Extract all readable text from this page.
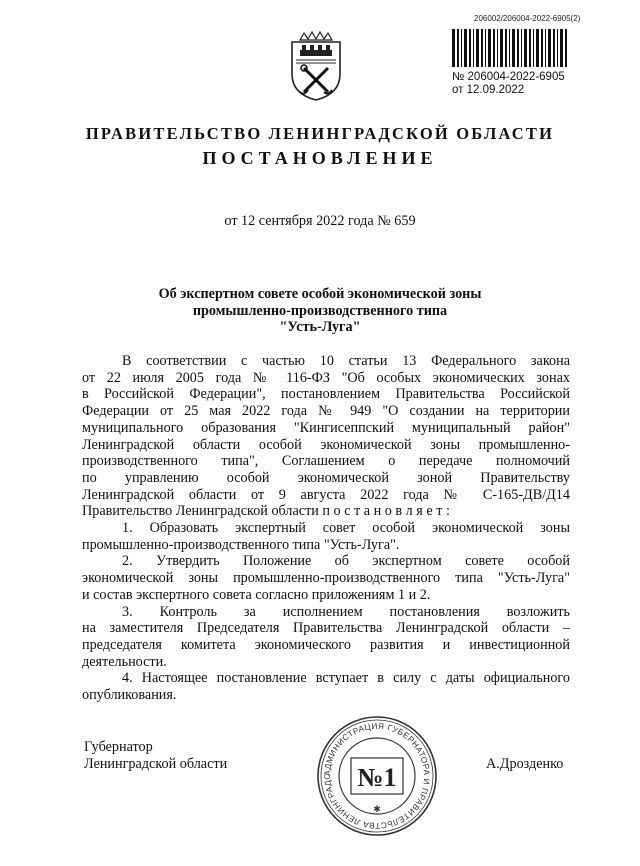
206002/206004-2022-6905(2)
№ 206004-2022-6905
от 12.09.2022
ПРАВИТЕЛЬСТВО ЛЕНИНГРАДСКОЙ ОБЛАСТИ
ПОСТАНОВЛЕНИЕ
от 12 сентября 2022 года № 659
Об экспертном совете особой экономической зоны
промышленно-производственного типа
"Усть-Луга"
В соответствии с частью 10 статьи 13 Федерального закона
от 22 июля 2005 года № 116-ФЗ "Об особых экономических зонах
в Российской Федерации", постановлением Правительства Российской
Федерации от 25 мая 2022 года № 949 "О создании на территории
муниципального образования "Кингисеппский муниципальный район"
Ленинградской области особой экономической зоны промышленно-
производственного типа", Соглашением о передаче полномочий
по управлению особой экономической зоной Правительству
Ленинградской области от 9 августа 2022 года № С-165-ДВ/Д14
Правительство Ленинградской области п о с т а н о в л я е т :
1. Образовать экспертный совет особой экономической зоны
промышленно-производственного типа "Усть-Луга".
2. Утвердить Положение об экспертном совете особой
экономической зоны промышленно-производственного типа "Усть-Луга"
и состав экспертного совета согласно приложениям 1 и 2.
3. Контроль за исполнением постановления возложить
на заместителя Председателя Правительства Ленинградской области –
председателя комитета экономического развития и инвестиционной
деятельности.
4. Настоящее постановление вступает в силу с даты официального
опубликования.
Губернатор
Ленинградской области	А.Дрозденко
АДМИНИСТРАЦИЯ ГУБЕРНАТОРА И ПРАВИТЕЛЬСТВА ЛЕНИНГРАДС №1
✱
